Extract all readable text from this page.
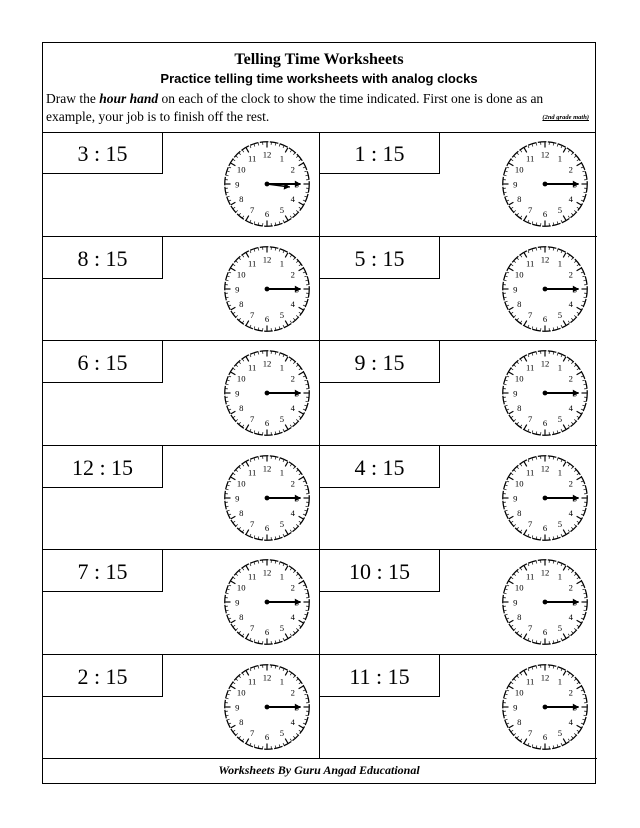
Telling Time Worksheets
Practice telling time worksheets with analog clocks
Draw the hour hand on each of the clock to show the time indicated. First one is done as an example, your job is to finish off the rest.	(2nd grade math)
3 : 15	12 1
2
4
5
6
7
8
9
10
11	1 : 15	12 1
2
4
5
6
7
8
9
10
11
8 : 15	12 1
2
4
5
6
7
8
9
10
11	5 : 15	12 1
2
4
5
6
7
8
9
10
11
6 : 15	12 1
2
4
5
6
7
8
9
10
11	9 : 15	12 1
2
4
5
6
7
8
9
10
11
12 : 15	12 1
2
4
5
6
7
8
9
10
11	4 : 15	12 1
2
4
5
6
7
8
9
10
11
7 : 15	12 1
2
4
5
6
7
8
9
10
11	10 : 15	12 1
2
4
5
6
7
8
9
10
11
2 : 15	12 1
2
4
5
6
7
8
9
10
11	11 : 15	12 1
2
4
5
6
7
8
9
10
11
Worksheets By Guru Angad Educational
